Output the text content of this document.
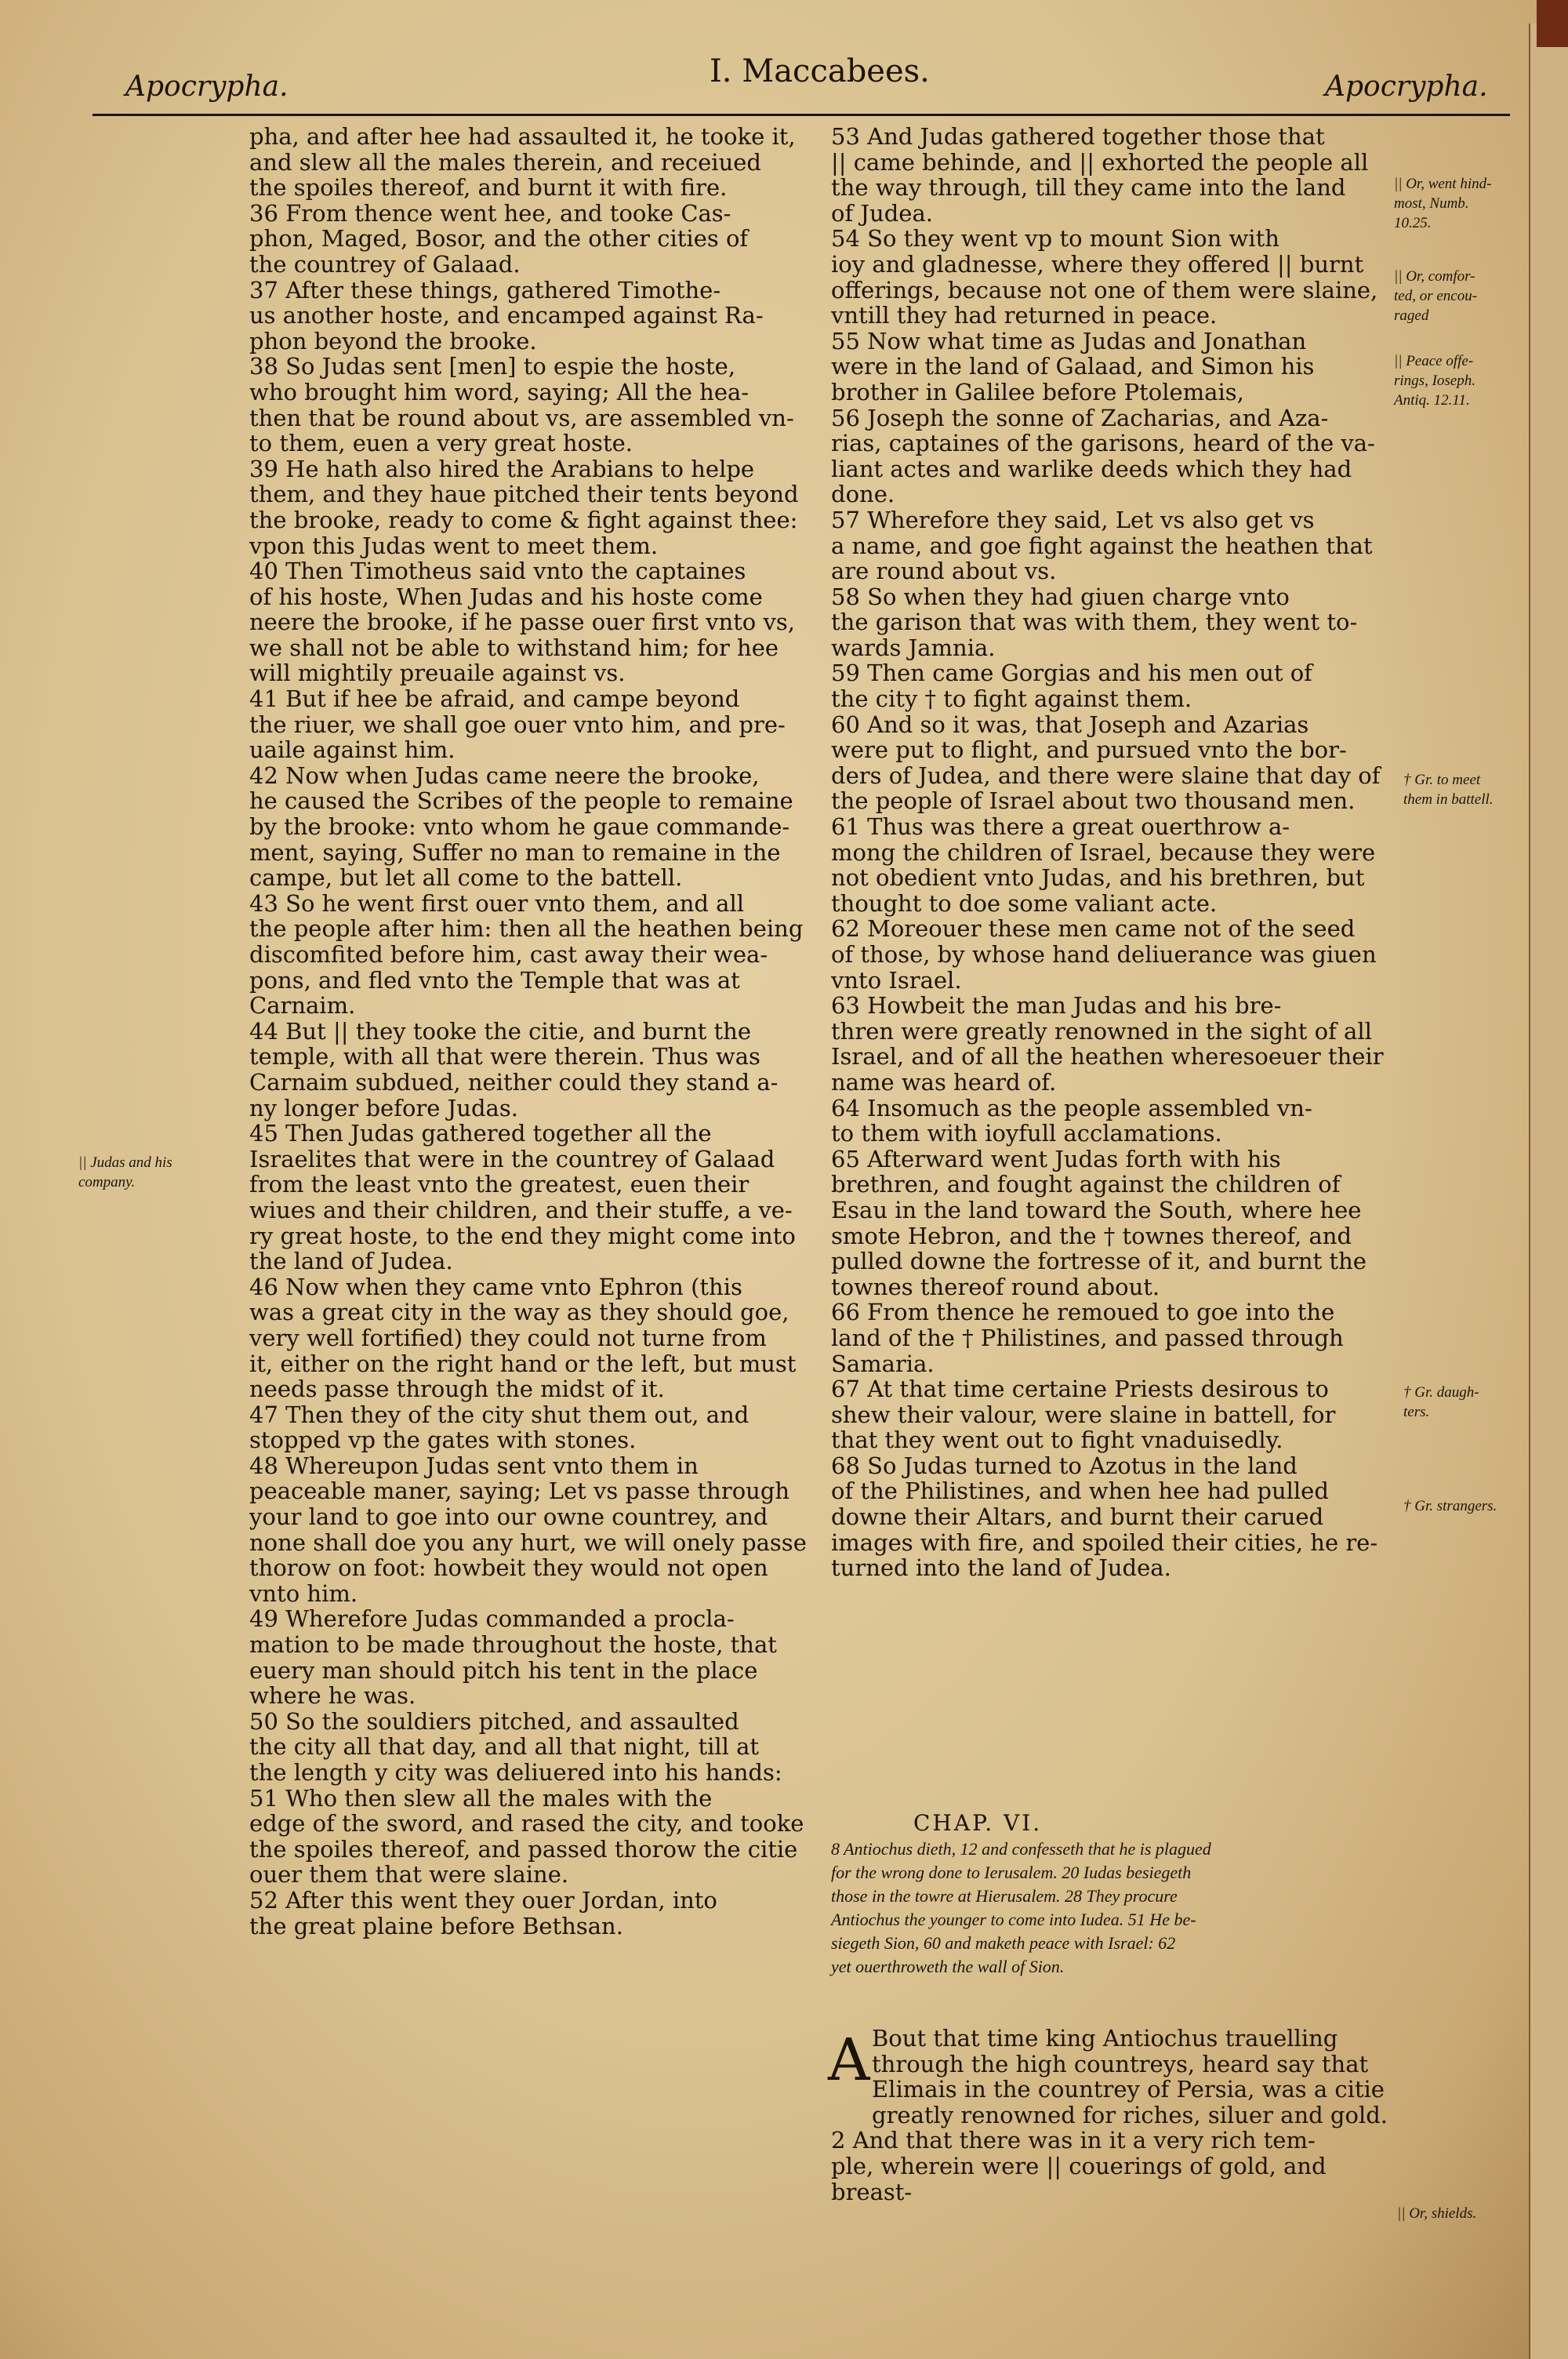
Apocrypha.	I. Maccabees.	Apocrypha.
pha, and after hee had assaulted it, he tooke it,
and slew all the males therein, and receiued
the spoiles thereof, and burnt it with fire.
36 From thence went hee, and tooke Cas-
phon, Maged, Bosor, and the other cities of
the countrey of Galaad.
37 After these things, gathered Timothe-
us another hoste, and encamped against Ra-
phon beyond the brooke.
38 So Judas sent [men] to espie the hoste,
who brought him word, saying; All the hea-
then that be round about vs, are assembled vn-
to them, euen a very great hoste.
39 He hath also hired the Arabians to helpe
them, and they haue pitched their tents beyond
the brooke, ready to come & fight against thee:
vpon this Judas went to meet them.
40 Then Timotheus said vnto the captaines
of his hoste, When Judas and his hoste come
neere the brooke, if he passe ouer first vnto vs,
we shall not be able to withstand him; for hee
will mightily preuaile against vs.
41 But if hee be afraid, and campe beyond
the riuer, we shall goe ouer vnto him, and pre-
uaile against him.
42 Now when Judas came neere the brooke,
he caused the Scribes of the people to remaine
by the brooke: vnto whom he gaue commande-
ment, saying, Suffer no man to remaine in the
campe, but let all come to the battell.
43 So he went first ouer vnto them, and all
the people after him: then all the heathen being
discomfited before him, cast away their wea-
pons, and fled vnto the Temple that was at
Carnaim.
44 But || they tooke the citie, and burnt the
temple, with all that were therein. Thus was
Carnaim subdued, neither could they stand a-
ny longer before Judas.
45 Then Judas gathered together all the
Israelites that were in the countrey of Galaad
from the least vnto the greatest, euen their
wiues and their children, and their stuffe, a ve-
ry great hoste, to the end they might come into
the land of Judea.
46 Now when they came vnto Ephron (this
was a great city in the way as they should goe,
very well fortified) they could not turne from
it, either on the right hand or the left, but must
needs passe through the midst of it.
47 Then they of the city shut them out, and
stopped vp the gates with stones.
48 Whereupon Judas sent vnto them in
peaceable maner, saying; Let vs passe through
your land to goe into our owne countrey, and
none shall doe you any hurt, we will onely passe
thorow on foot: howbeit they would not open
vnto him.
49 Wherefore Judas commanded a procla-
mation to be made throughout the hoste, that
euery man should pitch his tent in the place
where he was.
50 So the souldiers pitched, and assaulted
the city all that day, and all that night, till at
the length y city was deliuered into his hands:
51 Who then slew all the males with the
edge of the sword, and rased the city, and tooke
the spoiles thereof, and passed thorow the citie
ouer them that were slaine.
52 After this went they ouer Jordan, into
the great plaine before Bethsan.
53 And Judas gathered together those that
|| came behinde, and || exhorted the people all
the way through, till they came into the land
of Judea.
54 So they went vp to mount Sion with
ioy and gladnesse, where they offered || burnt
offerings, because not one of them were slaine,
vntill they had returned in peace.
55 Now what time as Judas and Jonathan
were in the land of Galaad, and Simon his
brother in Galilee before Ptolemais,
56 Joseph the sonne of Zacharias, and Aza-
rias, captaines of the garisons, heard of the va-
liant actes and warlike deeds which they had
done.
57 Wherefore they said, Let vs also get vs
a name, and goe fight against the heathen that
are round about vs.
58 So when they had giuen charge vnto
the garison that was with them, they went to-
wards Jamnia.
59 Then came Gorgias and his men out of
the city † to fight against them.
60 And so it was, that Joseph and Azarias
were put to flight, and pursued vnto the bor-
ders of Judea, and there were slaine that day of
the people of Israel about two thousand men.
61 Thus was there a great ouerthrow a-
mong the children of Israel, because they were
not obedient vnto Judas, and his brethren, but
thought to doe some valiant acte.
62 Moreouer these men came not of the seed
of those, by whose hand deliuerance was giuen
vnto Israel.
63 Howbeit the man Judas and his bre-
thren were greatly renowned in the sight of all
Israel, and of all the heathen wheresoeuer their
name was heard of.
64 Insomuch as the people assembled vn-
to them with ioyfull acclamations.
65 Afterward went Judas forth with his
brethren, and fought against the children of
Esau in the land toward the South, where hee
smote Hebron, and the † townes thereof, and
pulled downe the fortresse of it, and burnt the
townes thereof round about.
66 From thence he remoued to goe into the
land of the † Philistines, and passed through
Samaria.
67 At that time certaine Priests desirous to
shew their valour, were slaine in battell, for
that they went out to fight vnaduisedly.
68 So Judas turned to Azotus in the land
of the Philistines, and when hee had pulled
downe their Altars, and burnt their carued
images with fire, and spoiled their cities, he re-
turned into the land of Judea.
|| Judas and his
company.
|| Or, went hind-
most, Numb.
10.25.
|| Or, comfor-
ted, or encou-
raged
|| Peace offe-
rings, Ioseph.
Antiq. 12.11.
† Gr. to meet
them in battell.
† Gr. daugh-
ters.
† Gr. strangers.
|| Or, shields.
CHAP. VI.
8 Antiochus dieth, 12 and confesseth that he is plagued
for the wrong done to Ierusalem. 20 Iudas besiegeth
those in the towre at Hierusalem. 28 They procure
Antiochus the younger to come into Iudea. 51 He be-
siegeth Sion, 60 and maketh peace with Israel: 62
yet ouerthroweth the wall of Sion.
A Bout that time king Antiochus trauelling
through the high countreys, heard say that
Elimais in the countrey of Persia, was a citie
greatly renowned for riches, siluer and gold.
2 And that there was in it a very rich tem-
ple, wherein were || couerings of gold, and
breast-
